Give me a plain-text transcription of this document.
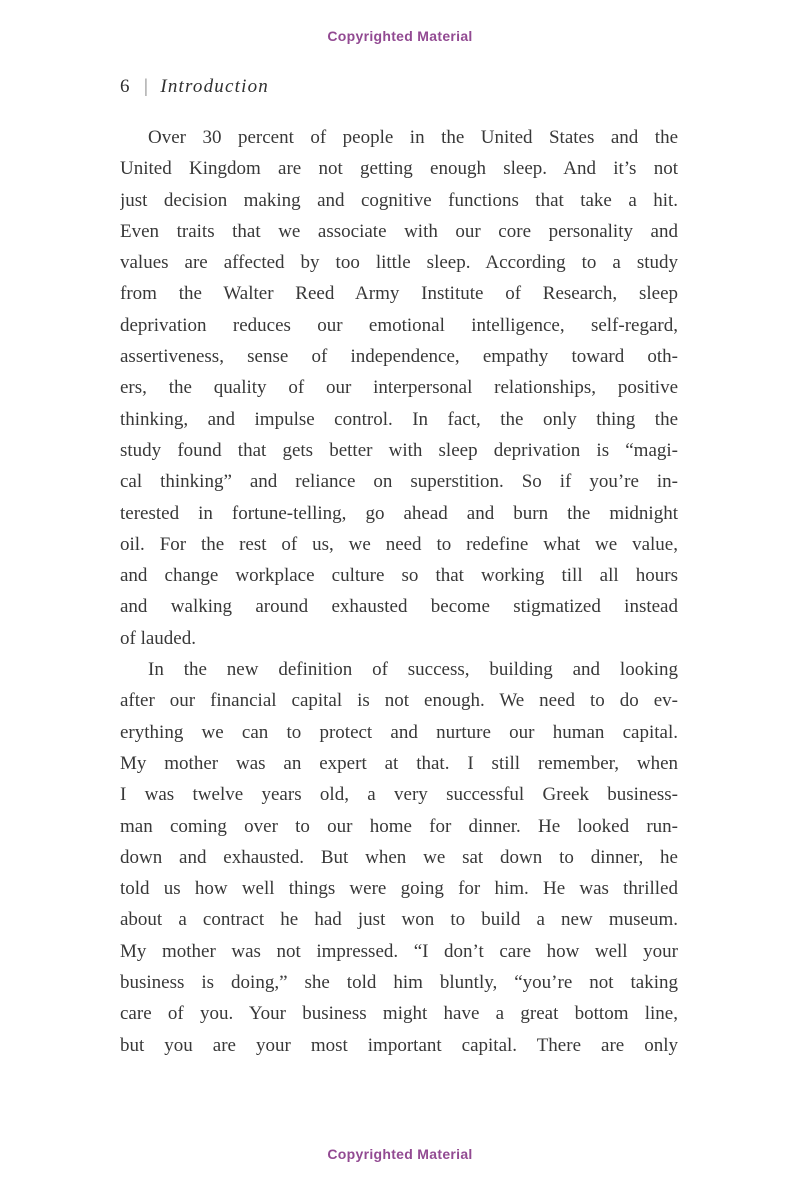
Copyrighted Material
6 | Introduction
Over 30 percent of people in the United States and the
United Kingdom are not getting enough sleep. And it’s not
just decision making and cognitive functions that take a hit.
Even traits that we associate with our core personality and
values are affected by too little sleep. According to a study
from the Walter Reed Army Institute of Research, sleep
deprivation reduces our emotional intelligence, self-regard,
assertiveness, sense of independence, empathy toward oth-
ers, the quality of our interpersonal relationships, positive
thinking, and impulse control. In fact, the only thing the
study found that gets better with sleep deprivation is “magi-
cal thinking” and reliance on superstition. So if you’re in-
terested in fortune-telling, go ahead and burn the midnight
oil. For the rest of us, we need to redefine what we value,
and change workplace culture so that working till all hours
and walking around exhausted become stigmatized instead
of lauded.
In the new definition of success, building and looking
after our financial capital is not enough. We need to do ev-
erything we can to protect and nurture our human capital.
My mother was an expert at that. I still remember, when
I was twelve years old, a very successful Greek business-
man coming over to our home for dinner. He looked run-
down and exhausted. But when we sat down to dinner, he
told us how well things were going for him. He was thrilled
about a contract he had just won to build a new museum.
My mother was not impressed. “I don’t care how well your
business is doing,” she told him bluntly, “you’re not taking
care of you. Your business might have a great bottom line,
but you are your most important capital. There are only
Copyrighted Material
